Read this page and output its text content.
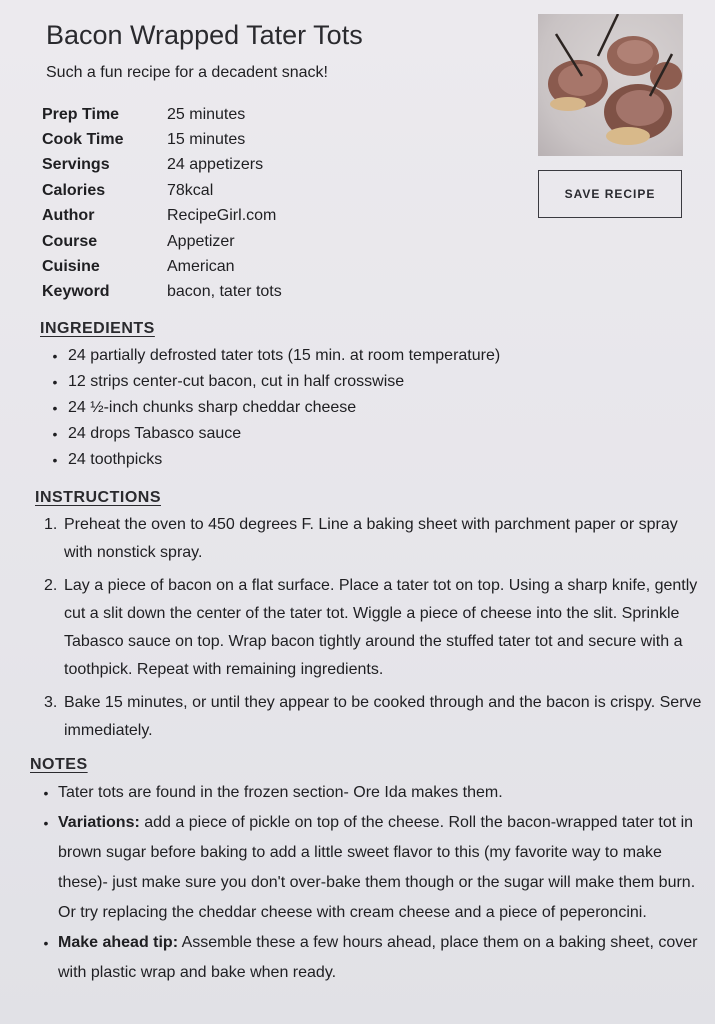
Bacon Wrapped Tater Tots
Such a fun recipe for a decadent snack!
Prep Time	25 minutes
Cook Time	15 minutes
Servings	24 appetizers
Calories	78kcal
Author	RecipeGirl.com
Course	Appetizer
Cuisine	American
Keyword	bacon, tater tots
SAVE RECIPE
INGREDIENTS
• 24 partially defrosted tater tots (15 min. at room temperature)
• 12 strips center-cut bacon, cut in half crosswise
• 24 ½-inch chunks sharp cheddar cheese
• 24 drops Tabasco sauce
• 24 toothpicks
INSTRUCTIONS
1. Preheat the oven to 450 degrees F. Line a baking sheet with parchment paper or spray with nonstick spray.
2. Lay a piece of bacon on a flat surface. Place a tater tot on top. Using a sharp knife, gently cut a slit down the center of the tater tot. Wiggle a piece of cheese into the slit. Sprinkle Tabasco sauce on top. Wrap bacon tightly around the stuffed tater tot and secure with a toothpick. Repeat with remaining ingredients.
3. Bake 15 minutes, or until they appear to be cooked through and the bacon is crispy. Serve immediately.
NOTES
• Tater tots are found in the frozen section- Ore Ida makes them.
• Variations: add a piece of pickle on top of the cheese. Roll the bacon-wrapped tater tot in brown sugar before baking to add a little sweet flavor to this (my favorite way to make these)- just make sure you don't over-bake them though or the sugar will make them burn. Or try replacing the cheddar cheese with cream cheese and a piece of peperoncini.
• Make ahead tip: Assemble these a few hours ahead, place them on a baking sheet, cover with plastic wrap and bake when ready.
